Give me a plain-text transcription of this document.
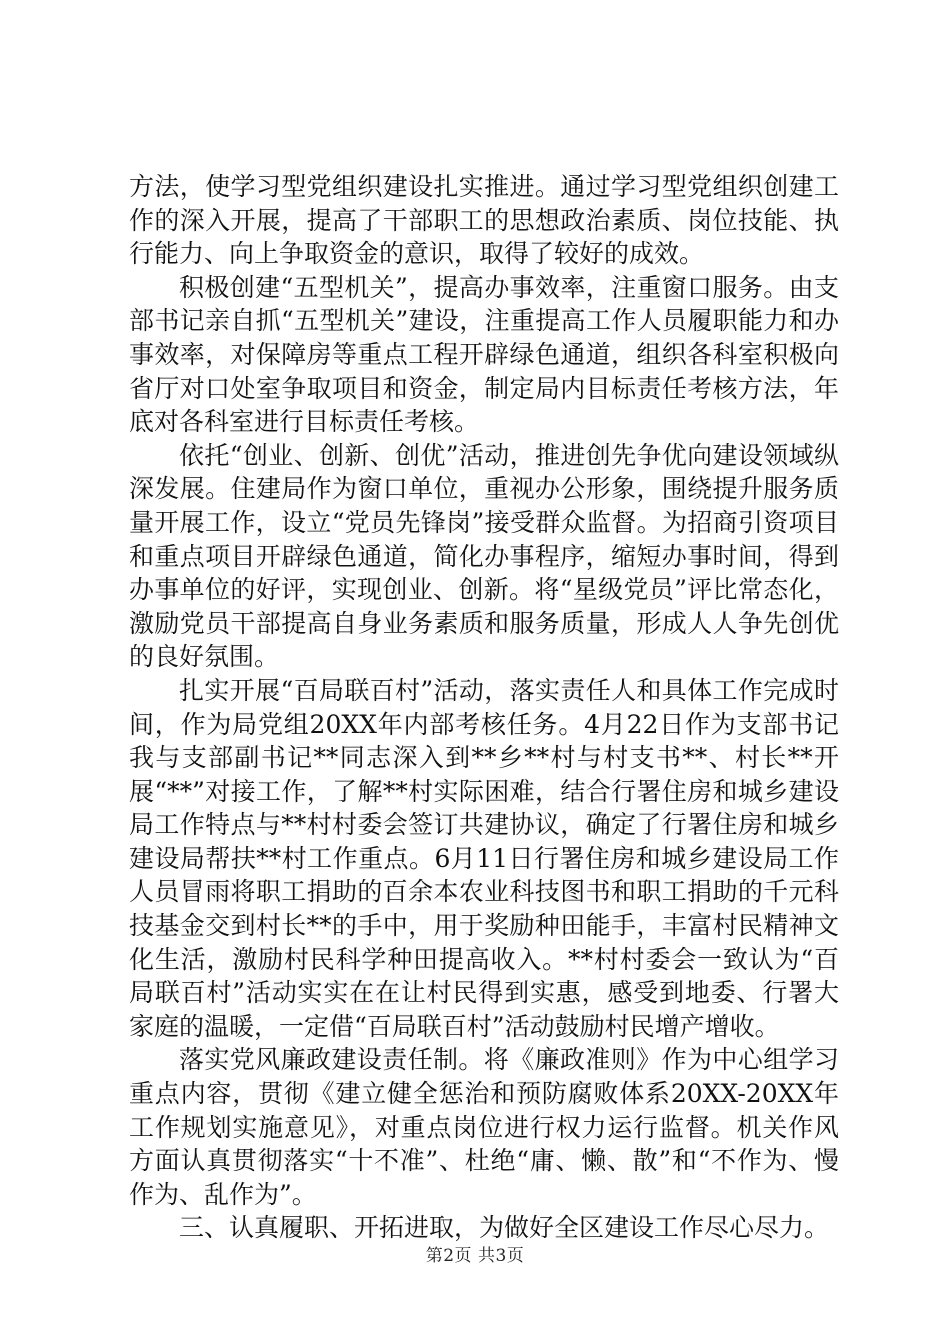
方法，使学习型党组织建设扎实推进。通过学习型党组织创建工作的深入开展，提高了干部职工的思想政治素质、岗位技能、执行能力、向上争取资金的意识，取得了较好的成效。

积极创建“五型机关”，提高办事效率，注重窗口服务。由支部书记亲自抓“五型机关”建设，注重提高工作人员履职能力和办事效率，对保障房等重点工程开辟绿色通道，组织各科室积极向省厅对口处室争取项目和资金，制定局内目标责任考核方法，年底对各科室进行目标责任考核。

依托“创业、创新、创优”活动，推进创先争优向建设领域纵深发展。住建局作为窗口单位，重视办公形象，围绕提升服务质量开展工作，设立“党员先锋岗”接受群众监督。为招商引资项目和重点项目开辟绿色通道，简化办事程序，缩短办事时间，得到办事单位的好评，实现创业、创新。将“星级党员”评比常态化，激励党员干部提高自身业务素质和服务质量，形成人人争先创优的良好氛围。

扎实开展“百局联百村”活动，落实责任人和具体工作完成时间，作为局党组20XX年内部考核任务。4月22日作为支部书记我与支部副书记**同志深入到**乡**村与村支书**、村长**开展“**”对接工作，了解**村实际困难，结合行署住房和城乡建设局工作特点与**村村委会签订共建协议，确定了行署住房和城乡建设局帮扶**村工作重点。6月11日行署住房和城乡建设局工作人员冒雨将职工捐助的百余本农业科技图书和职工捐助的千元科技基金交到村长**的手中，用于奖励种田能手，丰富村民精神文化生活，激励村民科学种田提高收入。**村村委会一致认为“百局联百村”活动实实在在让村民得到实惠，感受到地委、行署大家庭的温暖，一定借“百局联百村”活动鼓励村民增产增收。

落实党风廉政建设责任制。将《廉政准则》作为中心组学习重点内容，贯彻《建立健全惩治和预防腐败体系20XX-20XX年工作规划实施意见》，对重点岗位进行权力运行监督。机关作风方面认真贯彻落实“十不准”、杜绝“庸、懒、散”和“不作为、慢作为、乱作为”。

三、认真履职、开拓进取，为做好全区建设工作尽心尽力。

第2页 共3页
